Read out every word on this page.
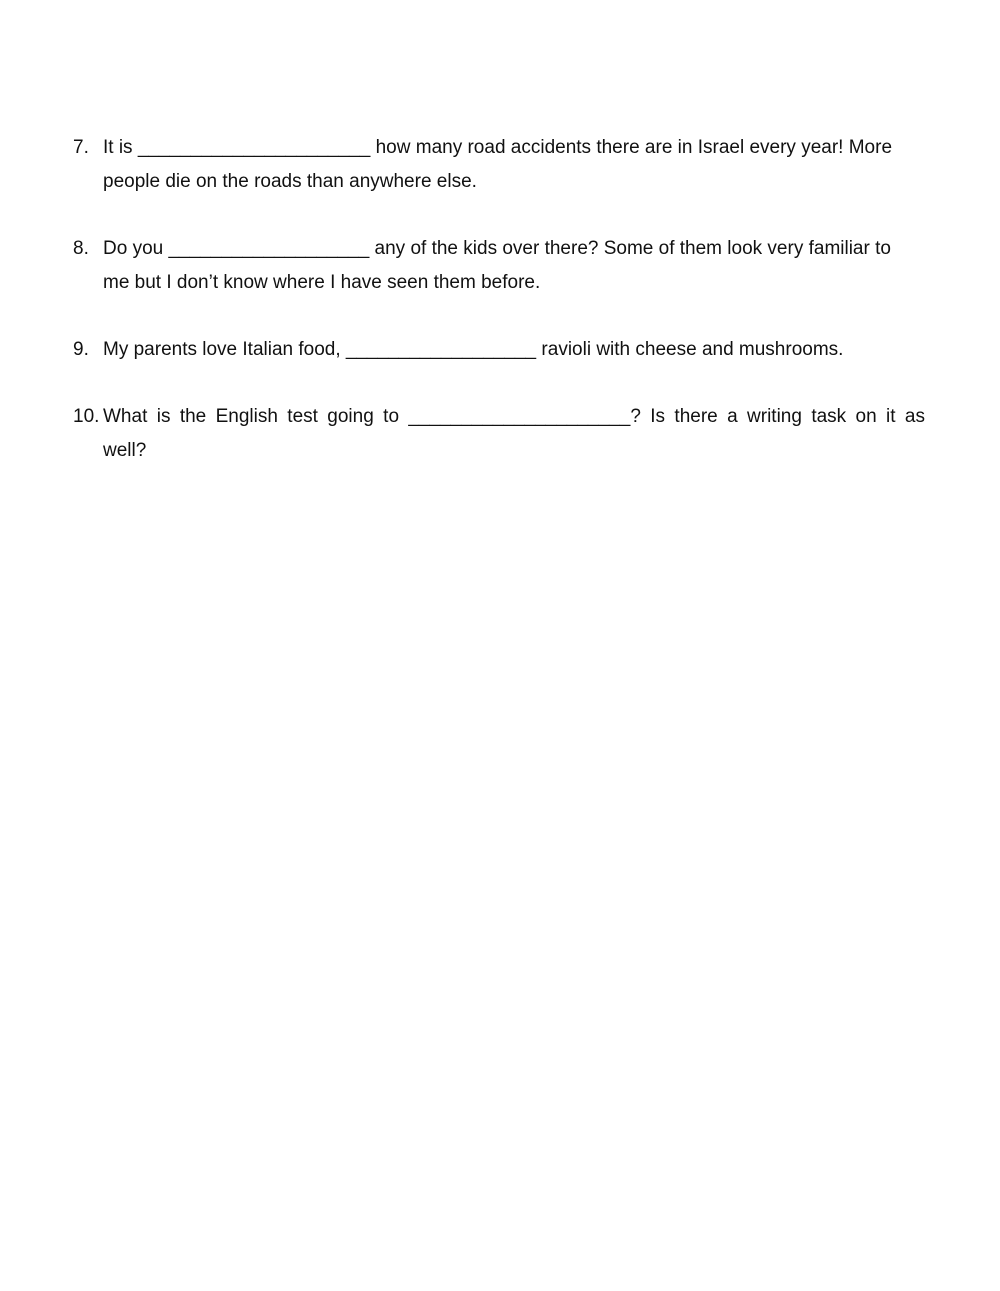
7. It is ______________________ how many road accidents there are in Israel every year! More
people die on the roads than anywhere else.
8. Do you ___________________ any of the kids over there? Some of them look very familiar to
me but I don’t know where I have seen them before.
9. My parents love Italian food, __________________ ravioli with cheese and mushrooms.
10. What is the English test going to _____________________? Is there a writing task on it as
well?
